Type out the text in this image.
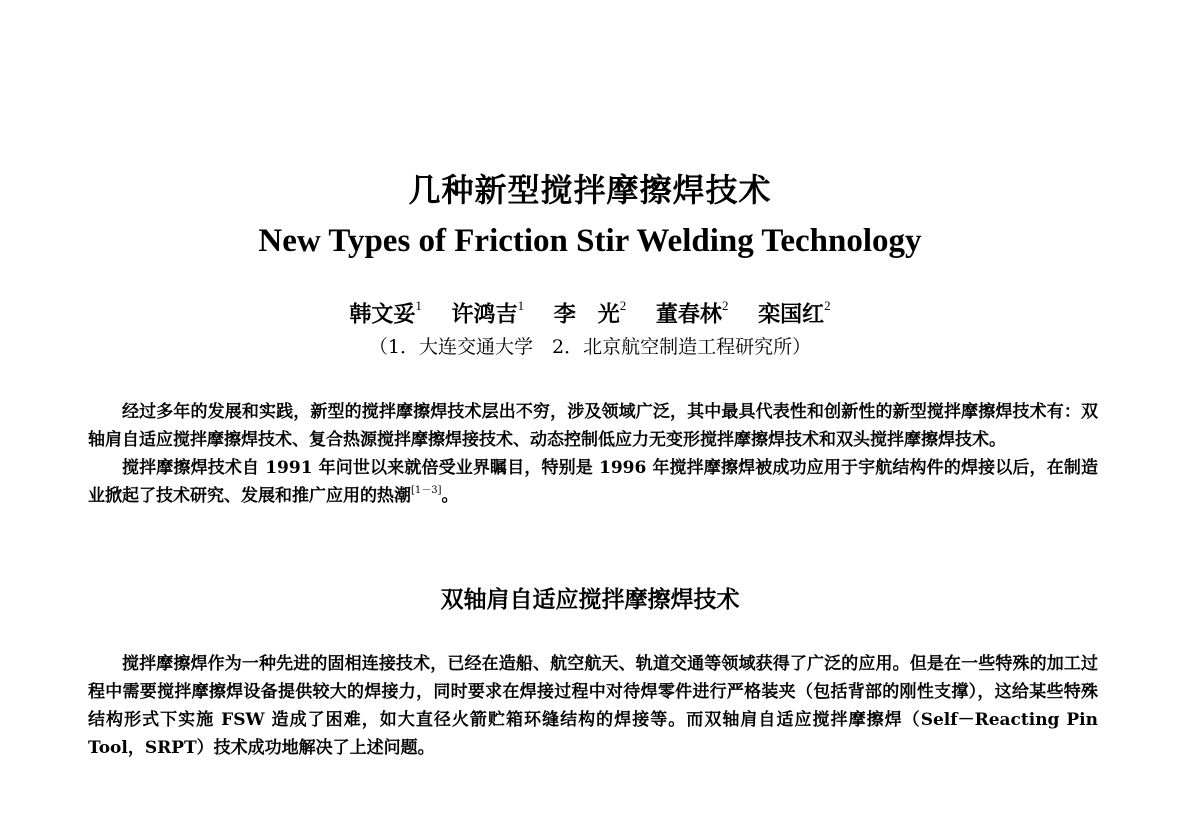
几种新型搅拌摩擦焊技术
New Types of Friction Stir Welding Technology
韩文妥$^1$ 许鸿吉$^1$ 李　光$^2$ 董春林$^2$ 栾国红$^2$
（1．大连交通大学　2．北京航空制造工程研究所）

经过多年的发展和实践，新型的搅拌摩擦焊技术层出不穷，涉及领域广泛，其中最具代表性和创新性的新型搅拌摩擦焊技术有：双轴肩自适应搅拌摩擦焊技术、复合热源搅拌摩擦焊接技术、动态控制低应力无变形搅拌摩擦焊技术和双头搅拌摩擦焊技术。

搅拌摩擦焊技术自 1991 年问世以来就倍受业界瞩目，特别是 1996 年搅拌摩擦焊被成功应用于宇航结构件的焊接以后，在制造业掀起了技术研究、发展和推广应用的热潮[1－3]。

双轴肩自适应搅拌摩擦焊技术

搅拌摩擦焊作为一种先进的固相连接技术，已经在造船、航空航天、轨道交通等领域获得了广泛的应用。但是在一些特殊的加工过程中需要搅拌摩擦焊设备提供较大的焊接力，同时要求在焊接过程中对待焊零件进行严格装夹（包括背部的刚性支撑），这给某些特殊结构形式下实施 FSW 造成了困难，如大直径火箭贮箱环缝结构的焊接等。而双轴肩自适应搅拌摩擦焊（Self－Reacting Pin Tool，SRPT）技术成功地解决了上述问题。
